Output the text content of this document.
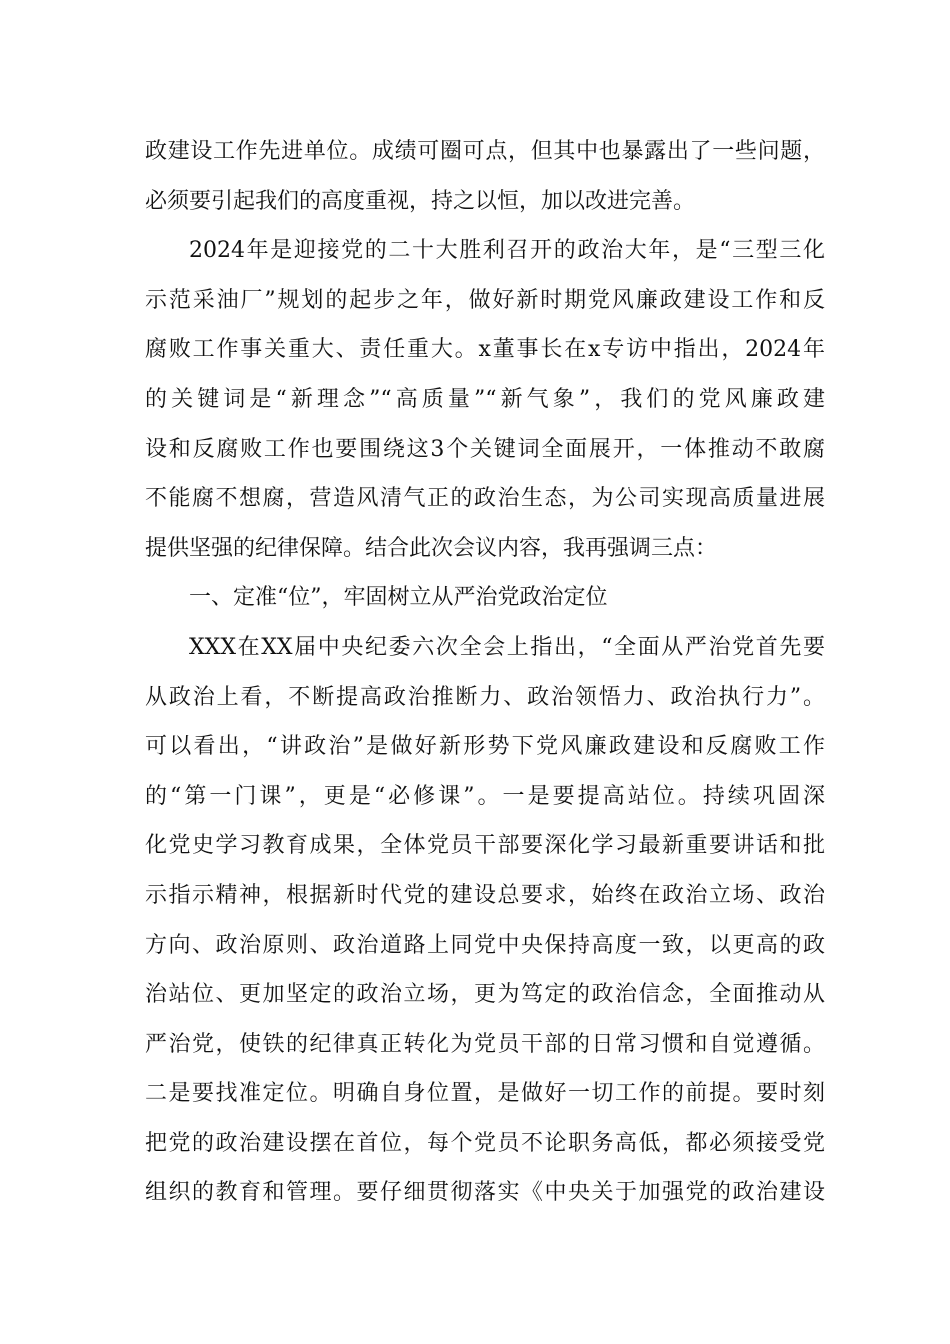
政建设工作先进单位。成绩可圈可点，但其中也暴露出了一些问题，
必须要引起我们的高度重视，持之以恒，加以改进完善。
2024年是迎接党的二十大胜利召开的政治大年，是“三型三化
示范采油厂”规划的起步之年，做好新时期党风廉政建设工作和反
腐败工作事关重大、责任重大。x董事长在x专访中指出，2024年
的关键词是“新理念”“高质量”“新气象”，我们的党风廉政建
设和反腐败工作也要围绕这3个关键词全面展开，一体推动不敢腐
不能腐不想腐，营造风清气正的政治生态，为公司实现高质量进展
提供坚强的纪律保障。结合此次会议内容，我再强调三点：
一、定准“位”，牢固树立从严治党政治定位
XXX在XX届中央纪委六次全会上指出，“全面从严治党首先要
从政治上看，不断提高政治推断力、政治领悟力、政治执行力”。
可以看出，“讲政治”是做好新形势下党风廉政建设和反腐败工作
的“第一门课”，更是“必修课”。一是要提高站位。持续巩固深
化党史学习教育成果，全体党员干部要深化学习最新重要讲话和批
示指示精神，根据新时代党的建设总要求，始终在政治立场、政治
方向、政治原则、政治道路上同党中央保持高度一致，以更高的政
治站位、更加坚定的政治立场，更为笃定的政治信念，全面推动从
严治党，使铁的纪律真正转化为党员干部的日常习惯和自觉遵循。
二是要找准定位。明确自身位置，是做好一切工作的前提。要时刻
把党的政治建设摆在首位，每个党员不论职务高低，都必须接受党
组织的教育和管理。要仔细贯彻落实《中央关于加强党的政治建设
